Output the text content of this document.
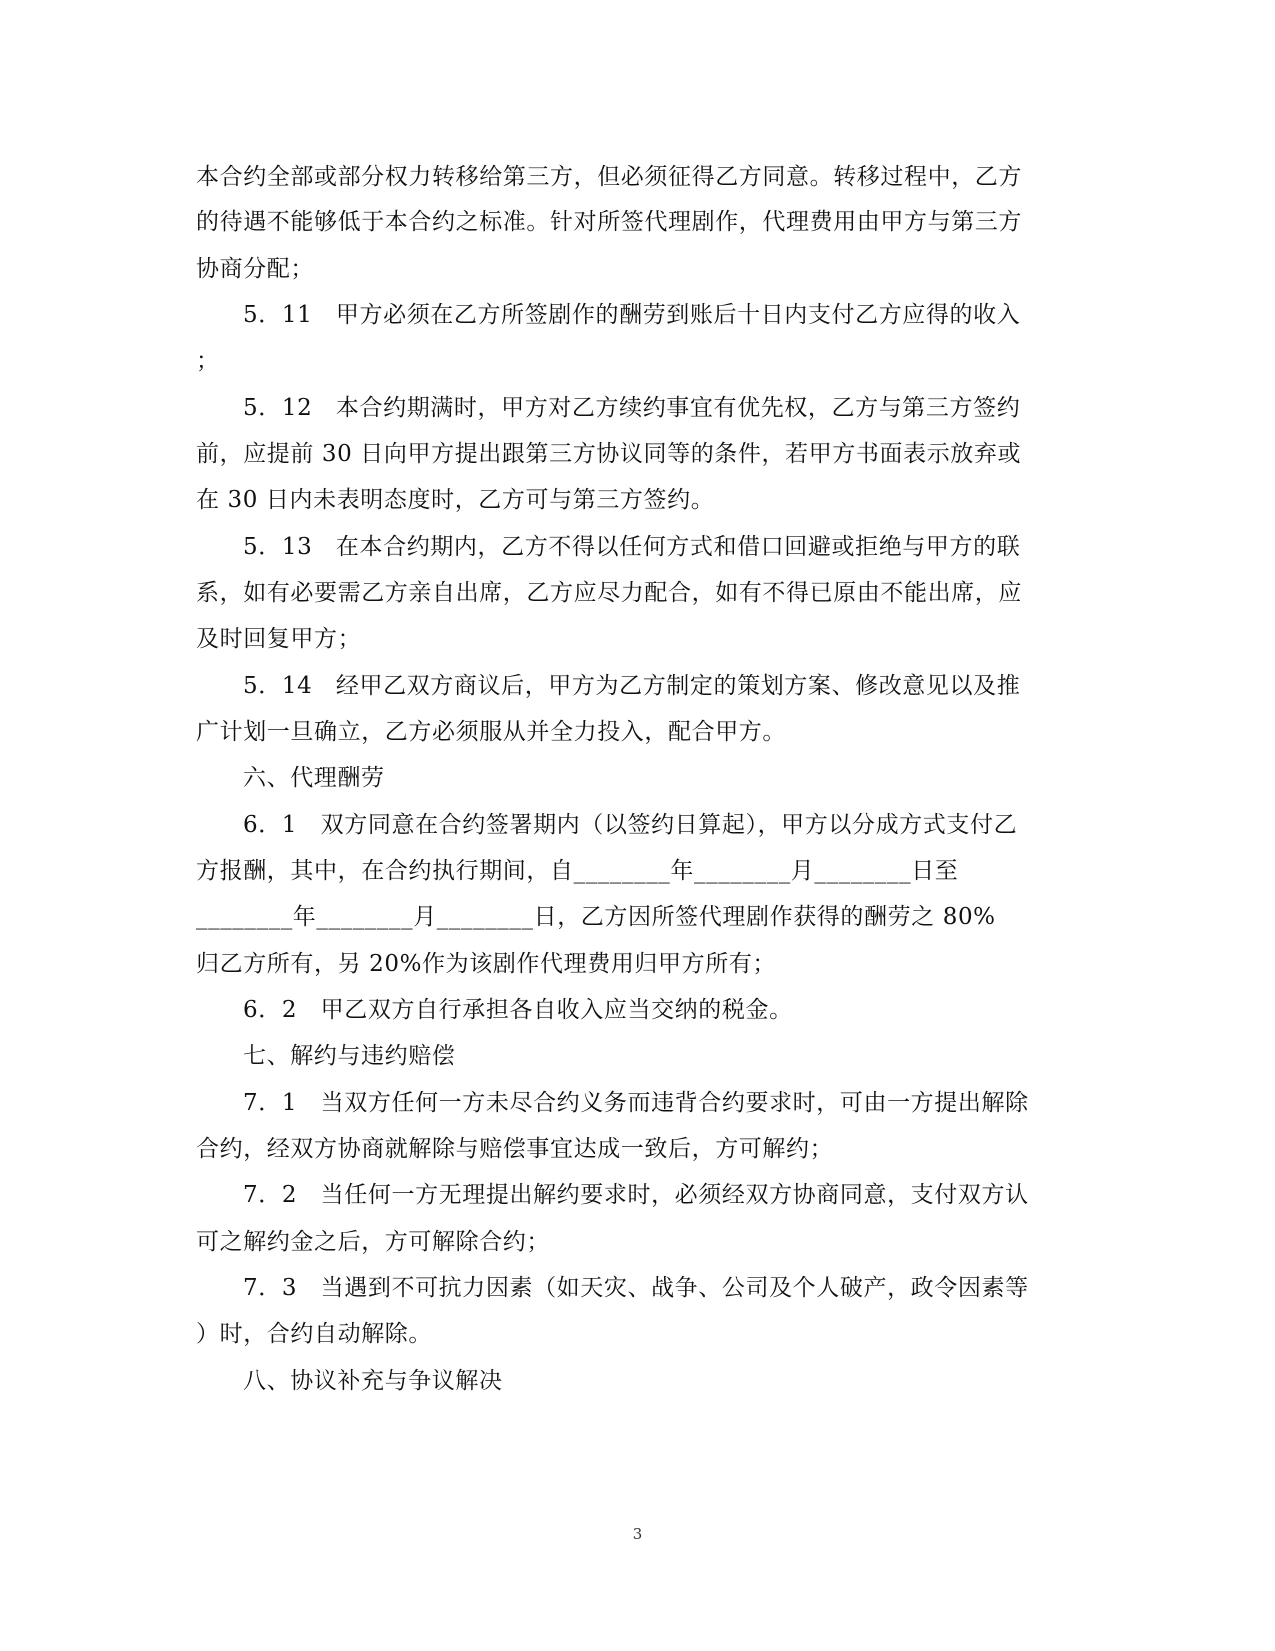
本合约全部或部分权力转移给第三方，但必须征得乙方同意。转移过程中，乙方
的待遇不能够低于本合约之标准。针对所签代理剧作，代理费用由甲方与第三方
协商分配；
5．11　甲方必须在乙方所签剧作的酬劳到账后十日内支付乙方应得的收入
；
5．12　本合约期满时，甲方对乙方续约事宜有优先权，乙方与第三方签约
前，应提前 30 日向甲方提出跟第三方协议同等的条件，若甲方书面表示放弃或
在 30 日内未表明态度时，乙方可与第三方签约。
5．13　在本合约期内，乙方不得以任何方式和借口回避或拒绝与甲方的联
系，如有必要需乙方亲自出席，乙方应尽力配合，如有不得已原由不能出席，应
及时回复甲方；
5．14　经甲乙双方商议后，甲方为乙方制定的策划方案、修改意见以及推
广计划一旦确立，乙方必须服从并全力投入，配合甲方。
六、代理酬劳
6．1　双方同意在合约签署期内（以签约日算起），甲方以分成方式支付乙
方报酬，其中，在合约执行期间，自________年________月________日至
________年________月________日，乙方因所签代理剧作获得的酬劳之 80%
归乙方所有，另 20%作为该剧作代理费用归甲方所有；
6．2　甲乙双方自行承担各自收入应当交纳的税金。
七、解约与违约赔偿
7．1　当双方任何一方未尽合约义务而违背合约要求时，可由一方提出解除
合约，经双方协商就解除与赔偿事宜达成一致后，方可解约；
7．2　当任何一方无理提出解约要求时，必须经双方协商同意，支付双方认
可之解约金之后，方可解除合约；
7．3　当遇到不可抗力因素（如天灾、战争、公司及个人破产，政令因素等
）时，合约自动解除。
八、协议补充与争议解决
3
